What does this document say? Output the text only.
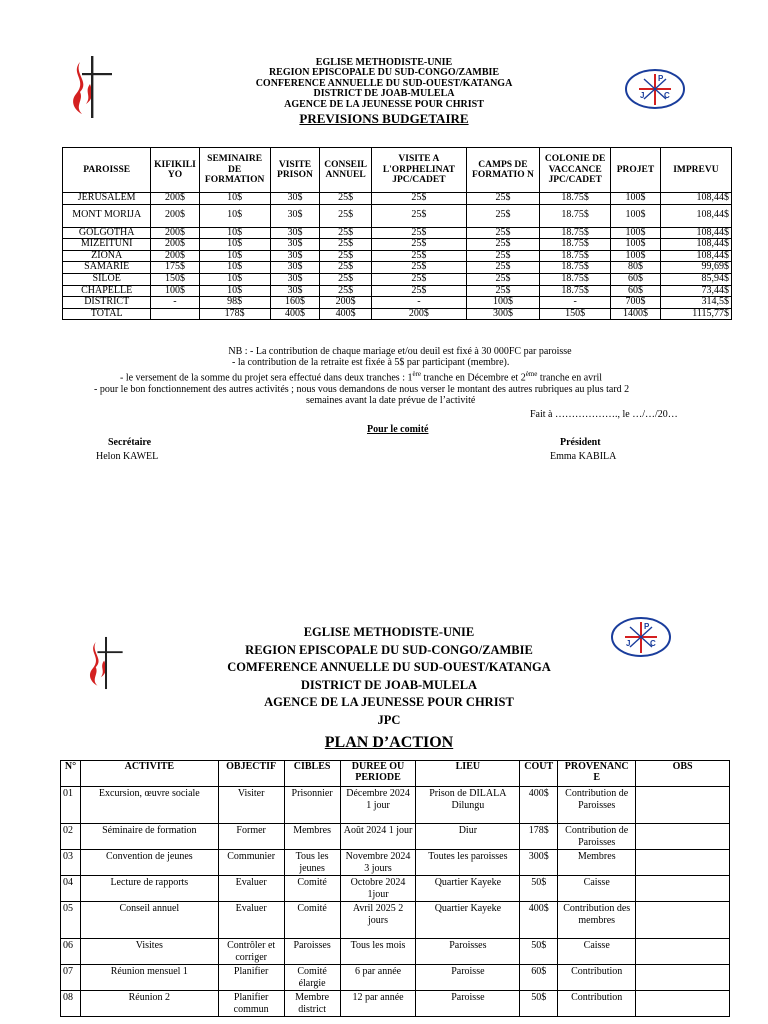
P
J C
EGLISE METHODISTE-UNIE
REGION EPISCOPALE DU SUD-CONGO/ZAMBIE
CONFERENCE ANNUELLE DU SUD-OUEST/KATANGA
DISTRICT DE JOAB-MULELA
AGENCE DE LA JEUNESSE POUR CHRIST
PREVISIONS BUDGETAIRE
PAROISSE	KIFIKILI YO	SEMINAIRE DE FORMATION	VISITE PRISON	CONSEIL ANNUEL	VISITE A L'ORPHELINAT JPC/CADET	CAMPS DE FORMATIO N	COLONIE DE VACCANCE JPC/CADET	PROJET	IMPREVU
JERUSALEM	200$	10$	30$	25$	25$	25$	18.75$	100$	108,44$
MONT MORIJA	200$	10$	30$	25$	25$	25$	18.75$	100$	108,44$
GOLGOTHA	200$	10$	30$	25$	25$	25$	18.75$	100$	108,44$
MIZEITUNI	200$	10$	30$	25$	25$	25$	18.75$	100$	108,44$
ZIONA	200$	10$	30$	25$	25$	25$	18.75$	100$	108,44$
SAMARIE	175$	10$	30$	25$	25$	25$	18.75$	80$	99,69$
SILOE	150$	10$	30$	25$	25$	25$	18.75$	60$	85,94$
CHAPELLE	100$	10$	30$	25$	25$	25$	18.75$	60$	73,44$
DISTRICT	-	98$	160$	200$	-	100$	-	700$	314,5$
TOTAL		178$	400$	400$	200$	300$	150$	1400$	1115,77$
NB : - La contribution de chaque mariage et/ou deuil est fixé à 30 000FC par paroisse
- la contribution de la retraite est fixée à 5$ par participant (membre).
- le versement de la somme du projet sera effectué dans deux tranches : 1ère tranche en Décembre et 2ème tranche en avril
- pour le bon fonctionnement des autres activités ; nous vous demandons de nous verser le montant des autres rubriques au plus tard 2
semaines avant la date prévue de l’activité
Fait à ………………., le …/…/20…
Pour le comité
Secrétaire
Helon KAWEL
Président
Emma KABILA
P
J C
EGLISE METHODISTE-UNIE
REGION EPISCOPALE DU SUD-CONGO/ZAMBIE
COMFERENCE ANNUELLE DU SUD-OUEST/KATANGA
DISTRICT DE JOAB-MULELA
AGENCE DE LA JEUNESSE POUR CHRIST
JPC
PLAN D’ACTION
N°	ACTIVITE	OBJECTIF	CIBLES	DUREE OU PERIODE	LIEU	COUT	PROVENANC E	OBS
01	Excursion, œuvre sociale	Visiter	Prisonnier	Décembre 2024 1 jour	Prison de DILALA Dilungu	400$	Contribution de Paroisses	
02	Séminaire de formation	Former	Membres	Août 2024 1 jour	Diur	178$	Contribution de Paroisses	
03	Convention de jeunes	Communier	Tous les jeunes	Novembre 2024 3 jours	Toutes les paroisses	300$	Membres	
04	Lecture de rapports	Evaluer	Comité	Octobre 2024 1jour	Quartier Kayeke	50$	Caisse	
05	Conseil annuel	Evaluer	Comité	Avril 2025 2 jours	Quartier Kayeke	400$	Contribution des membres	
06	Visites	Contrôler et corriger	Paroisses	Tous les mois	Paroisses	50$	Caisse	
07	Réunion mensuel 1	Planifier	Comité élargie	6 par année	Paroisse	60$	Contribution	
08	Réunion 2	Planifier commun	Membre district	12 par année	Paroisse	50$	Contribution	
